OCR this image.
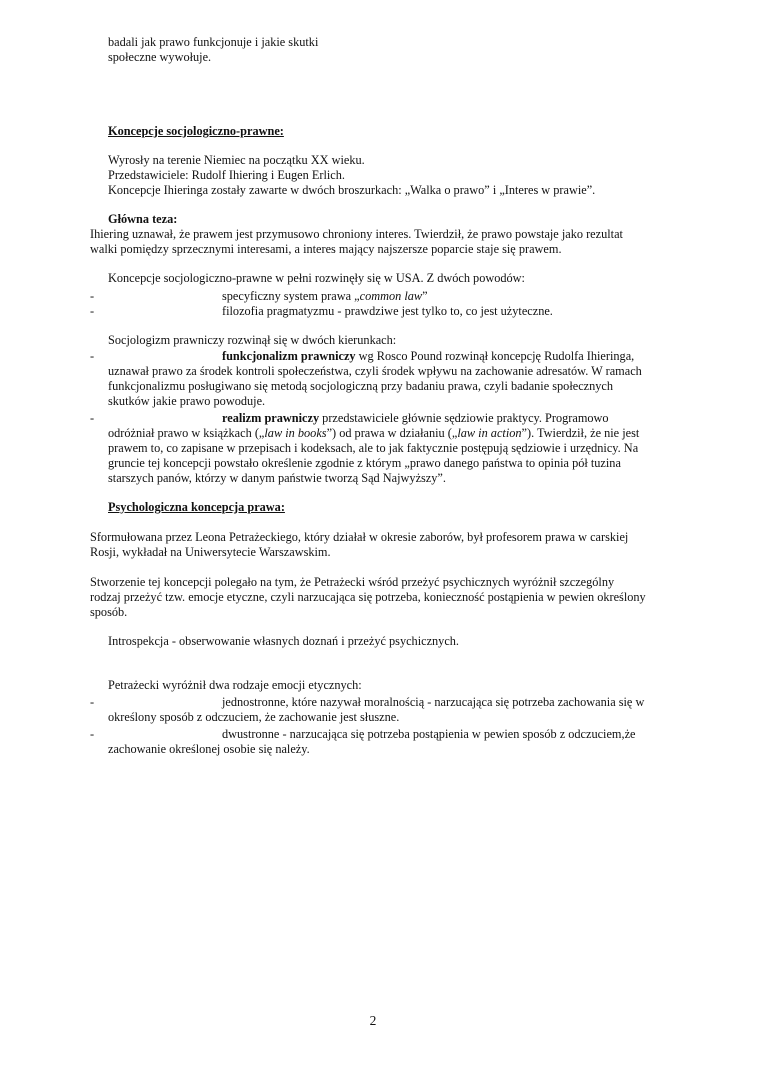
badali jak prawo funkcjonuje i jakie skutki
społeczne wywołuje.
Koncepcje socjologiczno-prawne:
Wyrosły na terenie Niemiec na początku XX wieku.
Przedstawiciele: Rudolf Ihiering i Eugen Erlich.
Koncepcje Ihieringa zostały zawarte w dwóch broszurkach: „Walka o prawo” i „Interes w prawie”.
Główna teza:
Ihiering uznawał, że prawem jest przymusowo chroniony interes. Twierdził, że prawo powstaje jako rezultat
walki pomiędzy sprzecznymi interesami, a interes mający najszersze poparcie staje się prawem.
Koncepcje socjologiczno-prawne w pełni rozwinęły się w USA. Z dwóch powodów:
-	specyficzny system prawa „common law”
-	filozofia pragmatyzmu - prawdziwe jest tylko to, co jest użyteczne.
Socjologizm prawniczy rozwinął się w dwóch kierunkach:
-	funkcjonalizm prawniczy wg Rosco Pound rozwinął koncepcję Rudolfa Ihieringa,
uznawał prawo za środek kontroli społeczeństwa, czyli środek wpływu na zachowanie adresatów. W ramach
funkcjonalizmu posługiwano się metodą socjologiczną przy badaniu prawa, czyli badanie społecznych
skutków jakie prawo powoduje.
-	realizm prawniczy przedstawiciele głównie sędziowie praktycy. Programowo
odróżniał prawo w książkach („law in books”) od prawa w działaniu („law in action”). Twierdził, że nie jest
prawem to, co zapisane w przepisach i kodeksach, ale to jak faktycznie postępują sędziowie i urzędnicy. Na
gruncie tej koncepcji powstało określenie zgodnie z którym „prawo danego państwa to opinia pół tuzina
starszych panów, którzy w danym państwie tworzą Sąd Najwyższy”.
Psychologiczna koncepcja prawa:
Sformułowana przez Leona Petrażeckiego, który działał w okresie zaborów, był profesorem prawa w carskiej
Rosji, wykładał na Uniwersytecie Warszawskim.
Stworzenie tej koncepcji polegało na tym, że Petrażecki wśród przeżyć psychicznych wyróżnił szczególny
rodzaj przeżyć tzw. emocje etyczne, czyli narzucająca się potrzeba, konieczność postąpienia w pewien określony
sposób.
Introspekcja - obserwowanie własnych doznań i przeżyć psychicznych.
Petrażecki wyróżnił dwa rodzaje emocji etycznych:
-	jednostronne, które nazywał moralnością - narzucająca się potrzeba zachowania się w
określony sposób z odczuciem, że zachowanie jest słuszne.
-	dwustronne - narzucająca się potrzeba postąpienia w pewien sposób z odczuciem,że
zachowanie określonej osobie się należy.
2
